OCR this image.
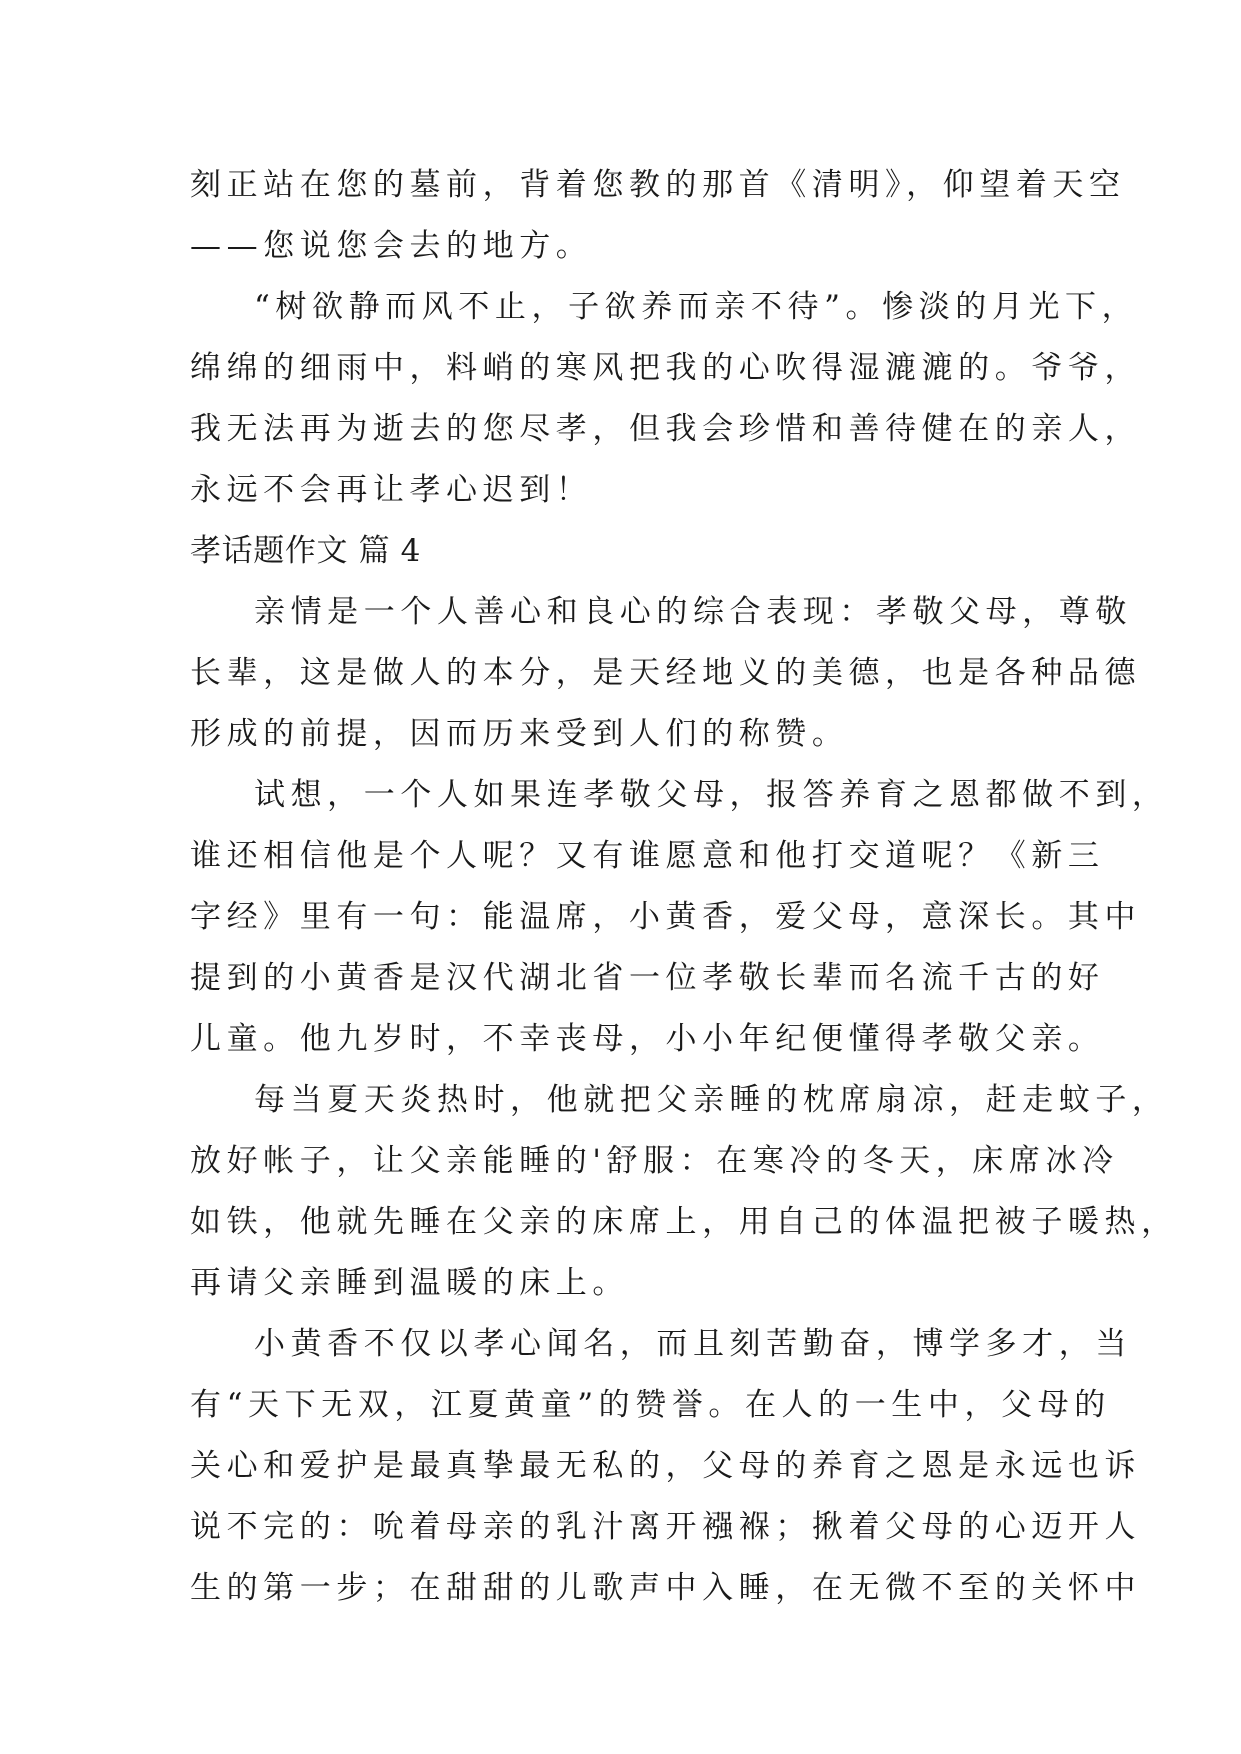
刻正站在您的墓前，背着您教的那首《清明》，仰望着天空
——您说您会去的地方。
“树欲静而风不止，子欲养而亲不待”。惨淡的月光下，
绵绵的细雨中，料峭的寒风把我的心吹得湿漉漉的。爷爷，
我无法再为逝去的您尽孝，但我会珍惜和善待健在的亲人，
永远不会再让孝心迟到！
孝话题作文 篇 4
亲情是一个人善心和良心的综合表现：孝敬父母，尊敬
长辈，这是做人的本分，是天经地义的美德，也是各种品德
形成的前提，因而历来受到人们的称赞。
试想，一个人如果连孝敬父母，报答养育之恩都做不到，
谁还相信他是个人呢？又有谁愿意和他打交道呢？《新三
字经》里有一句：能温席，小黄香，爱父母，意深长。其中
提到的小黄香是汉代湖北省一位孝敬长辈而名流千古的好
儿童。他九岁时，不幸丧母，小小年纪便懂得孝敬父亲。
每当夏天炎热时，他就把父亲睡的枕席扇凉，赶走蚊子，
放好帐子，让父亲能睡的'舒服：在寒冷的冬天，床席冰冷
如铁，他就先睡在父亲的床席上，用自己的体温把被子暖热，
再请父亲睡到温暖的床上。
小黄香不仅以孝心闻名，而且刻苦勤奋，博学多才，当
有“天下无双，江夏黄童”的赞誉。在人的一生中，父母的
关心和爱护是最真挚最无私的，父母的养育之恩是永远也诉
说不完的：吮着母亲的乳汁离开襁褓；揪着父母的心迈开人
生的第一步；在甜甜的儿歌声中入睡，在无微不至的关怀中
